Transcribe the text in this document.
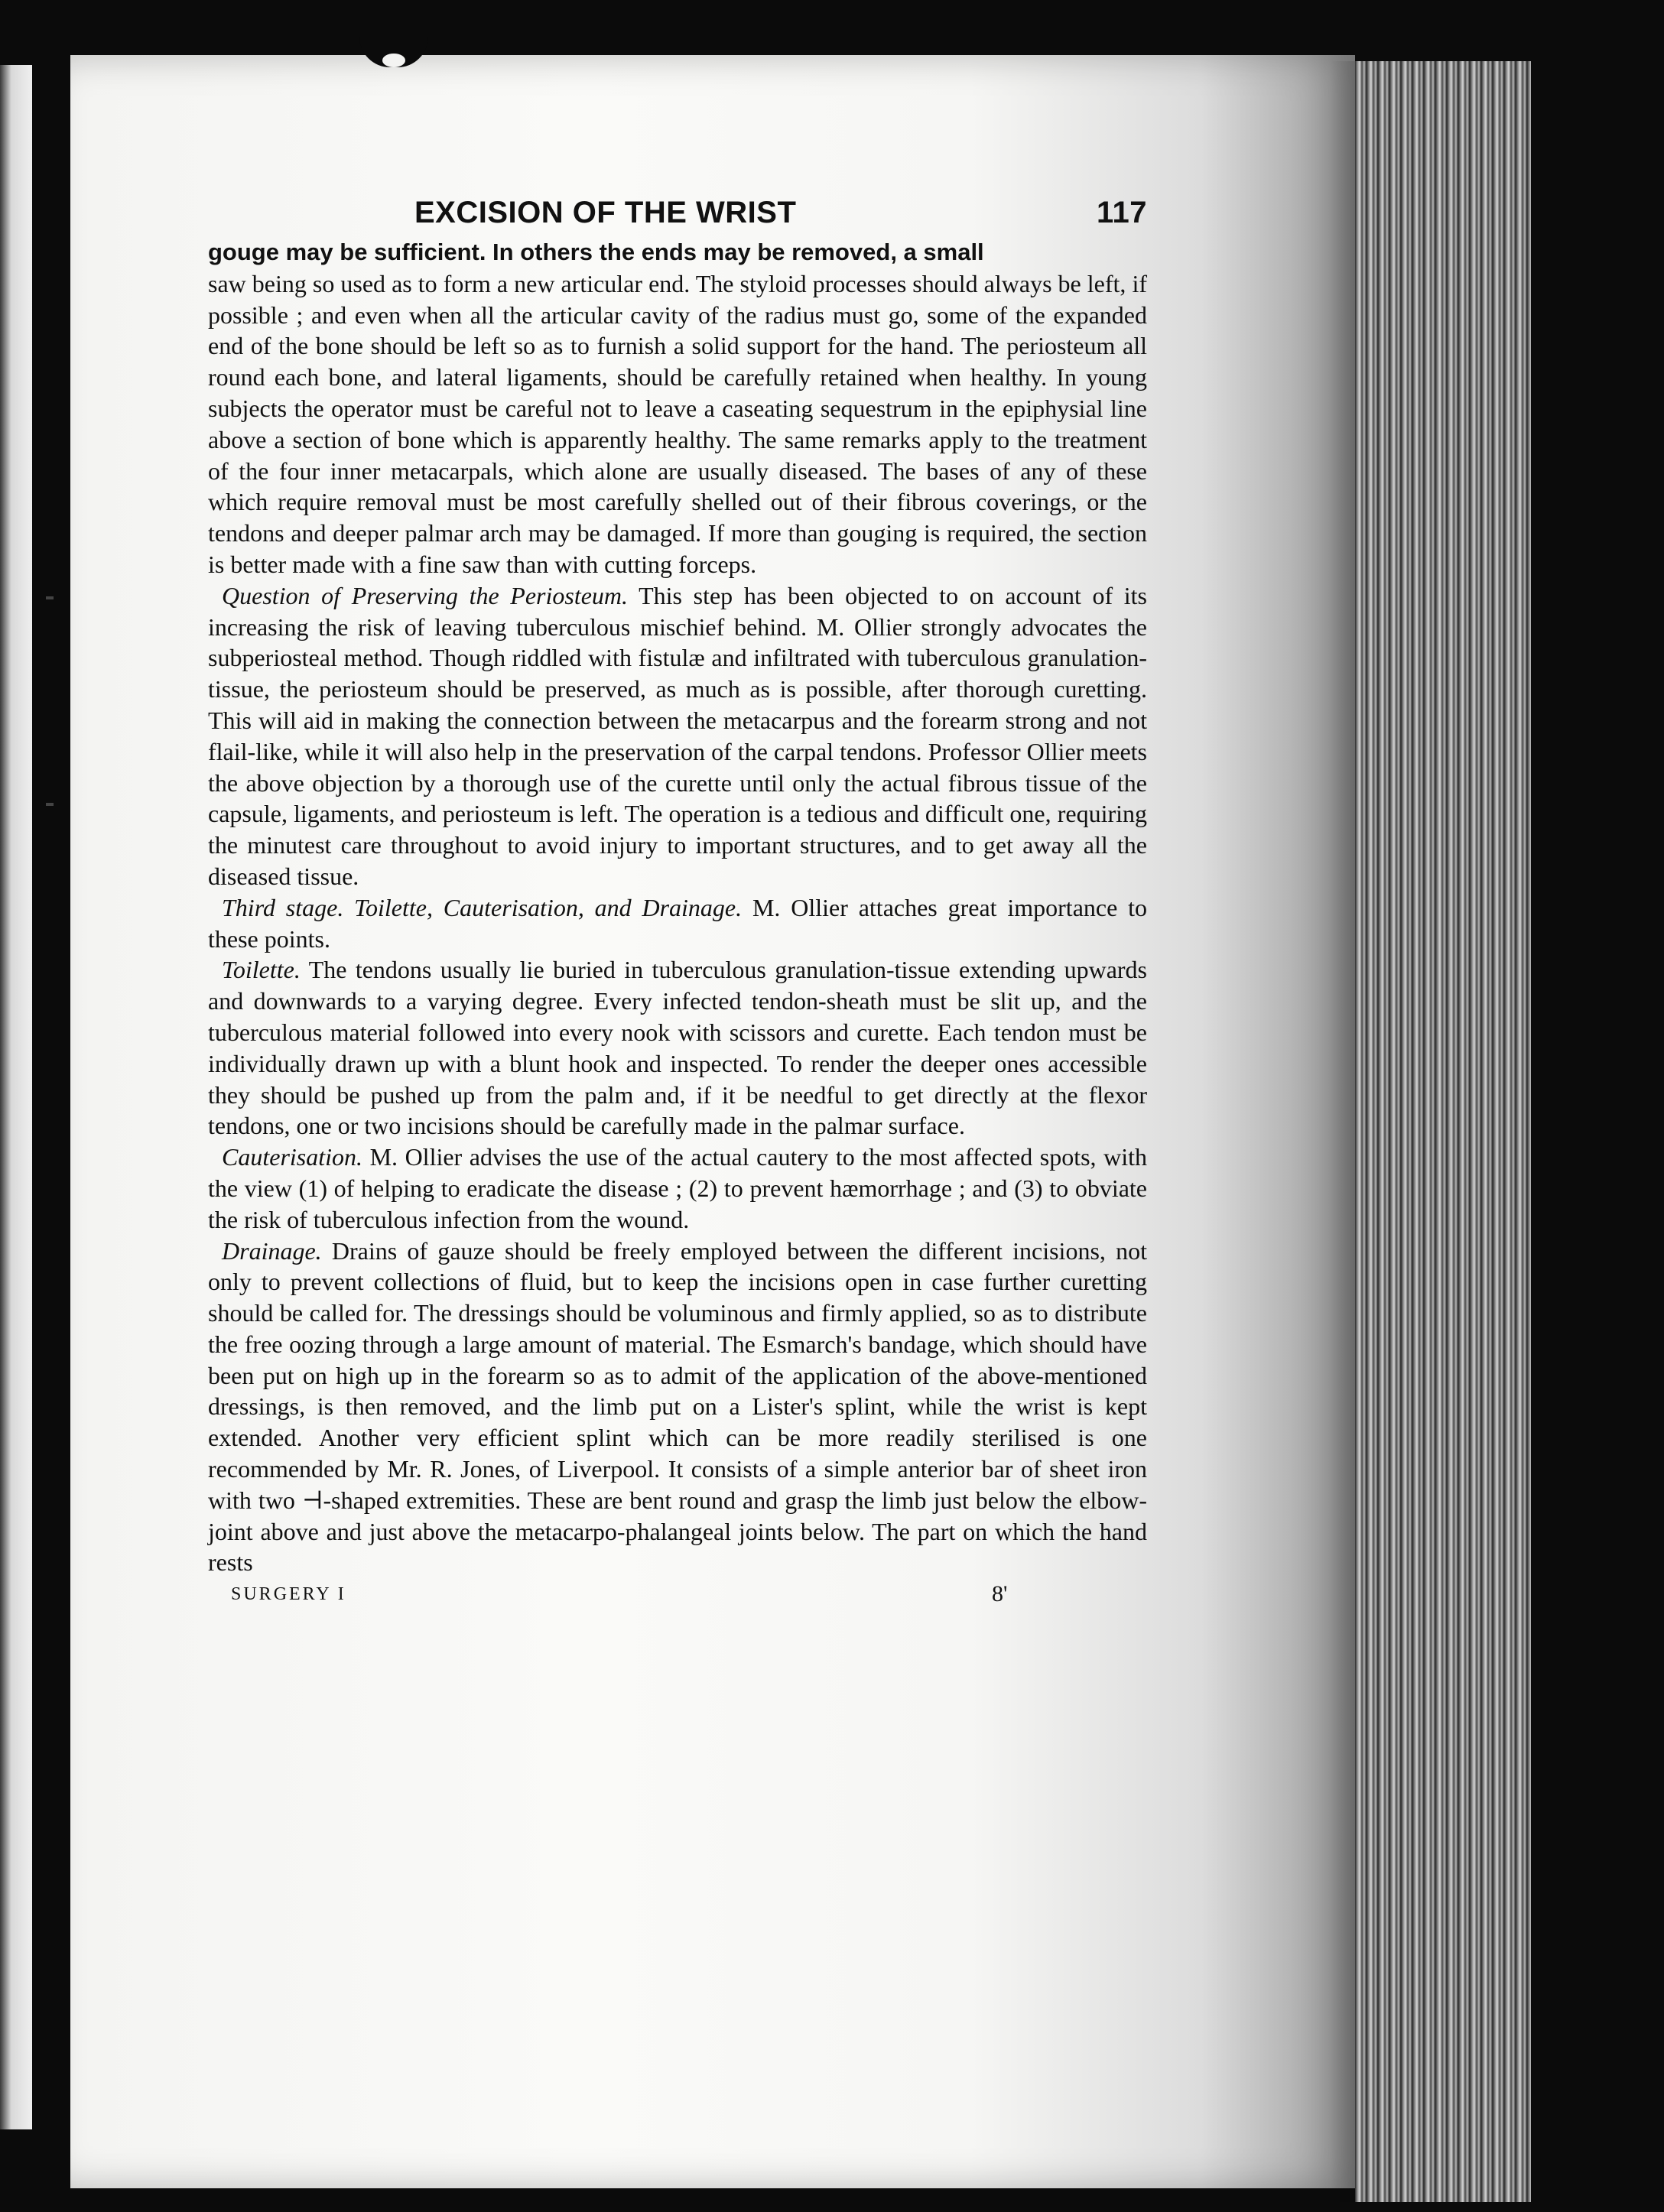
EXCISION OF THE WRIST	117

gouge may be sufficient. In others the ends may be removed, a small

saw being so used as to form a new articular end. The styloid processes should always be left, if possible ; and even when all the articular cavity of the radius must go, some of the expanded end of the bone should be left so as to furnish a solid support for the hand. The periosteum all round each bone, and lateral ligaments, should be carefully retained when healthy. In young subjects the operator must be careful not to leave a caseating sequestrum in the epiphysial line above a section of bone which is apparently healthy. The same remarks apply to the treatment of the four inner metacarpals, which alone are usually diseased. The bases of any of these which require removal must be most carefully shelled out of their fibrous coverings, or the tendons and deeper palmar arch may be damaged. If more than gouging is required, the section is better made with a fine saw than with cutting forceps.

Question of Preserving the Periosteum. This step has been objected to on account of its increasing the risk of leaving tuberculous mischief behind. M. Ollier strongly advocates the subperiosteal method. Though riddled with fistulæ and infiltrated with tuberculous granulation-tissue, the periosteum should be preserved, as much as is possible, after thorough curetting. This will aid in making the connection between the metacarpus and the forearm strong and not flail-like, while it will also help in the preservation of the carpal tendons. Professor Ollier meets the above objection by a thorough use of the curette until only the actual fibrous tissue of the capsule, ligaments, and periosteum is left. The operation is a tedious and difficult one, requiring the minutest care throughout to avoid injury to important structures, and to get away all the diseased tissue.

Third stage. Toilette, Cauterisation, and Drainage. M. Ollier attaches great importance to these points.

Toilette. The tendons usually lie buried in tuberculous granulation-tissue extending upwards and downwards to a varying degree. Every infected tendon-sheath must be slit up, and the tuberculous material followed into every nook with scissors and curette. Each tendon must be individually drawn up with a blunt hook and inspected. To render the deeper ones accessible they should be pushed up from the palm and, if it be needful to get directly at the flexor tendons, one or two incisions should be carefully made in the palmar surface.

Cauterisation. M. Ollier advises the use of the actual cautery to the most affected spots, with the view (1) of helping to eradicate the disease ; (2) to prevent hæmorrhage ; and (3) to obviate the risk of tuberculous infection from the wound.

Drainage. Drains of gauze should be freely employed between the different incisions, not only to prevent collections of fluid, but to keep the incisions open in case further curetting should be called for. The dressings should be voluminous and firmly applied, so as to distribute the free oozing through a large amount of material. The Esmarch's bandage, which should have been put on high up in the forearm so as to admit of the application of the above-mentioned dressings, is then removed, and the limb put on a Lister's splint, while the wrist is kept extended. Another very efficient splint which can be more readily sterilised is one recommended by Mr. R. Jones, of Liverpool. It consists of a simple anterior bar of sheet iron with two ⊣-shaped extremities. These are bent round and grasp the limb just below the elbow-joint above and just above the metacarpo-phalangeal joints below. The part on which the hand rests

SURGERY I	8'
